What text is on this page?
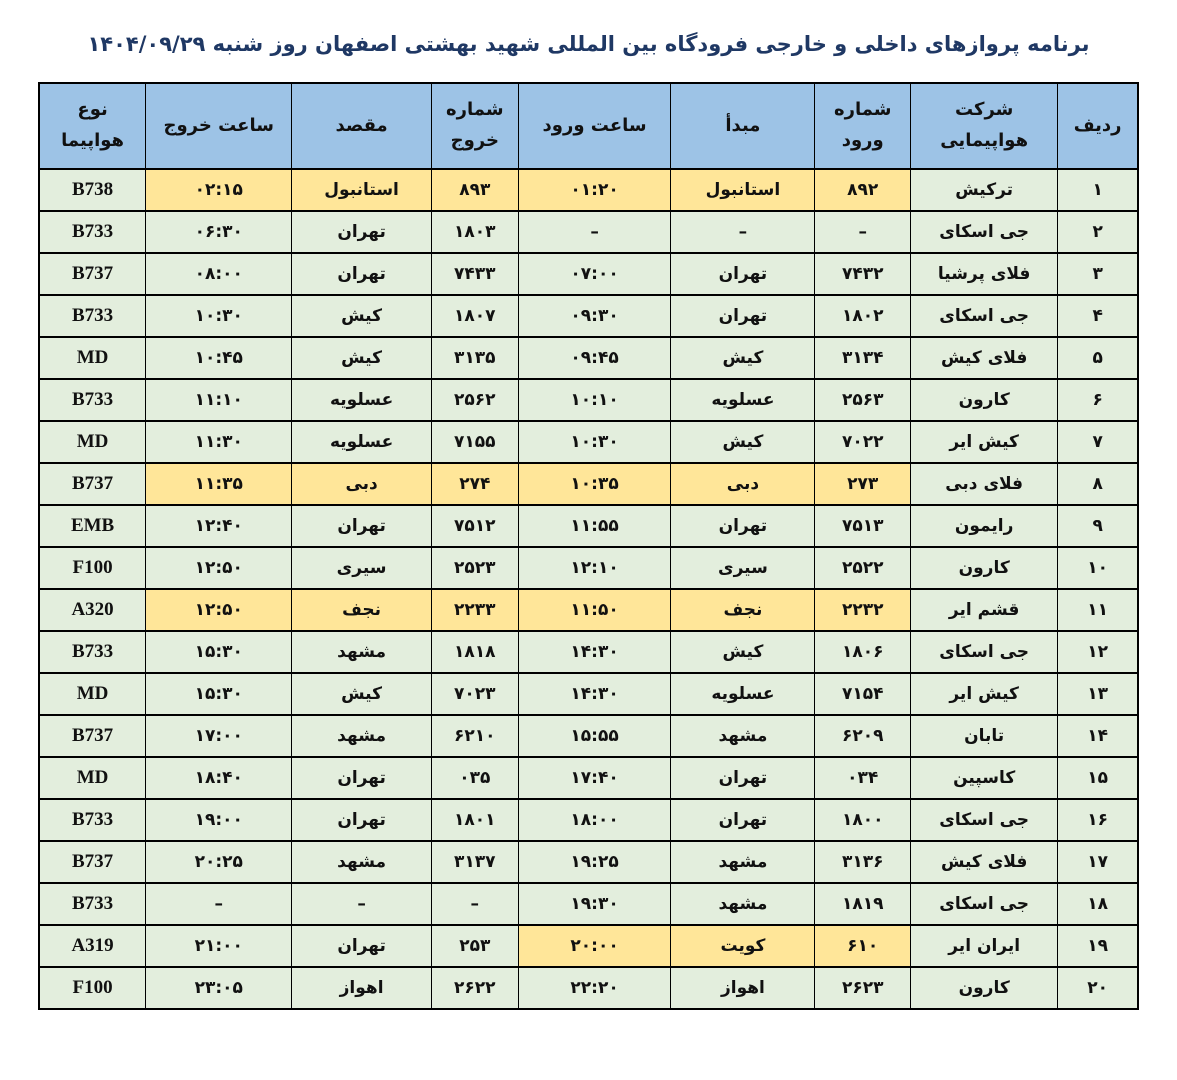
برنامه پروازهای داخلی و خارجی فرودگاه بین المللی شهید بهشتی اصفهان روز شنبه ۱۴۰۴/۰۹/۲۹
ردیف	شرکت هواپیمایی	شماره ورود	مبدأ	ساعت ورود	شماره خروج	مقصد	ساعت خروج	نوع هواپیما
۱	ترکیش	۸۹۲	استانبول	۰۱:۲۰	۸۹۳	استانبول	۰۲:۱۵	B738
۲	جی اسکای	–	–	–	۱۸۰۳	تهران	۰۶:۳۰	B733
۳	فلای پرشیا	۷۴۳۲	تهران	۰۷:۰۰	۷۴۳۳	تهران	۰۸:۰۰	B737
۴	جی اسکای	۱۸۰۲	تهران	۰۹:۳۰	۱۸۰۷	کیش	۱۰:۳۰	B733
۵	فلای کیش	۳۱۳۴	کیش	۰۹:۴۵	۳۱۳۵	کیش	۱۰:۴۵	MD
۶	کارون	۲۵۶۳	عسلویه	۱۰:۱۰	۲۵۶۲	عسلویه	۱۱:۱۰	B733
۷	کیش ایر	۷۰۲۲	کیش	۱۰:۳۰	۷۱۵۵	عسلویه	۱۱:۳۰	MD
۸	فلای دبی	۲۷۳	دبی	۱۰:۳۵	۲۷۴	دبی	۱۱:۳۵	B737
۹	رایمون	۷۵۱۳	تهران	۱۱:۵۵	۷۵۱۲	تهران	۱۲:۴۰	EMB
۱۰	کارون	۲۵۲۲	سیری	۱۲:۱۰	۲۵۲۳	سیری	۱۲:۵۰	F100
۱۱	قشم ایر	۲۲۳۲	نجف	۱۱:۵۰	۲۲۳۳	نجف	۱۲:۵۰	A320
۱۲	جی اسکای	۱۸۰۶	کیش	۱۴:۳۰	۱۸۱۸	مشهد	۱۵:۳۰	B733
۱۳	کیش ایر	۷۱۵۴	عسلویه	۱۴:۳۰	۷۰۲۳	کیش	۱۵:۳۰	MD
۱۴	تابان	۶۲۰۹	مشهد	۱۵:۵۵	۶۲۱۰	مشهد	۱۷:۰۰	B737
۱۵	کاسپین	۰۳۴	تهران	۱۷:۴۰	۰۳۵	تهران	۱۸:۴۰	MD
۱۶	جی اسکای	۱۸۰۰	تهران	۱۸:۰۰	۱۸۰۱	تهران	۱۹:۰۰	B733
۱۷	فلای کیش	۳۱۳۶	مشهد	۱۹:۲۵	۳۱۳۷	مشهد	۲۰:۲۵	B737
۱۸	جی اسکای	۱۸۱۹	مشهد	۱۹:۳۰	–	–	–	B733
۱۹	ایران ایر	۶۱۰	کویت	۲۰:۰۰	۲۵۳	تهران	۲۱:۰۰	A319
۲۰	کارون	۲۶۲۳	اهواز	۲۲:۲۰	۲۶۲۲	اهواز	۲۳:۰۵	F100
